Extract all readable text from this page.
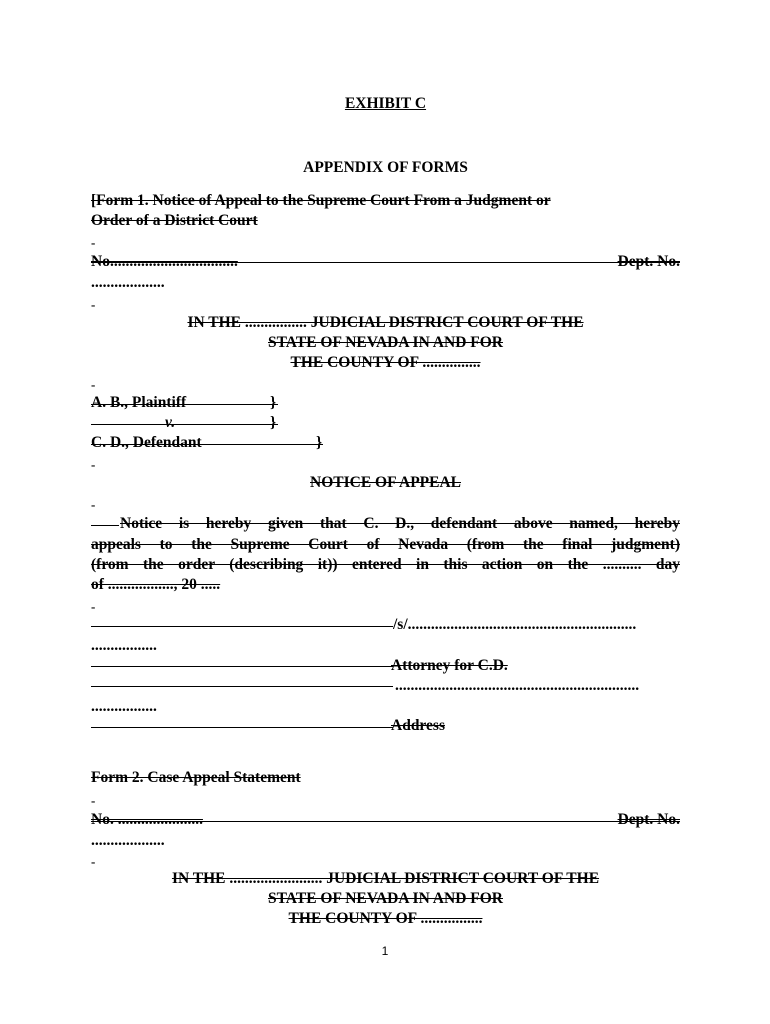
EXHIBIT C
APPENDIX OF FORMS
[Form 1. Notice of Appeal to the Supreme Court From a Judgment or
Order of a District Court
-
No.................................	Dept. No.
...................
-
IN THE ................ JUDICIAL DISTRICT COURT OF THE
STATE OF NEVADA IN AND FOR
THE COUNTY OF ...............
-
A. B., Plaintiff	}
v.	}
C. D., Defendant	}
-
NOTICE OF APPEAL
-
Notice is hereby given that C. D., defendant above named, hereby
appeals to the Supreme Court of Nevada (from the final judgment)
(from the order (describing it)) entered in this action on the .......... day
of ................., 20 .....
-
/s/...........................................................
.................
Attorney for C.D.
...............................................................
.................
Address
Form 2. Case Appeal Statement
-
No. ......................	Dept. No.
...................
-
IN THE ........................ JUDICIAL DISTRICT COURT OF THE
STATE OF NEVADA IN AND FOR
THE COUNTY OF ................
1
